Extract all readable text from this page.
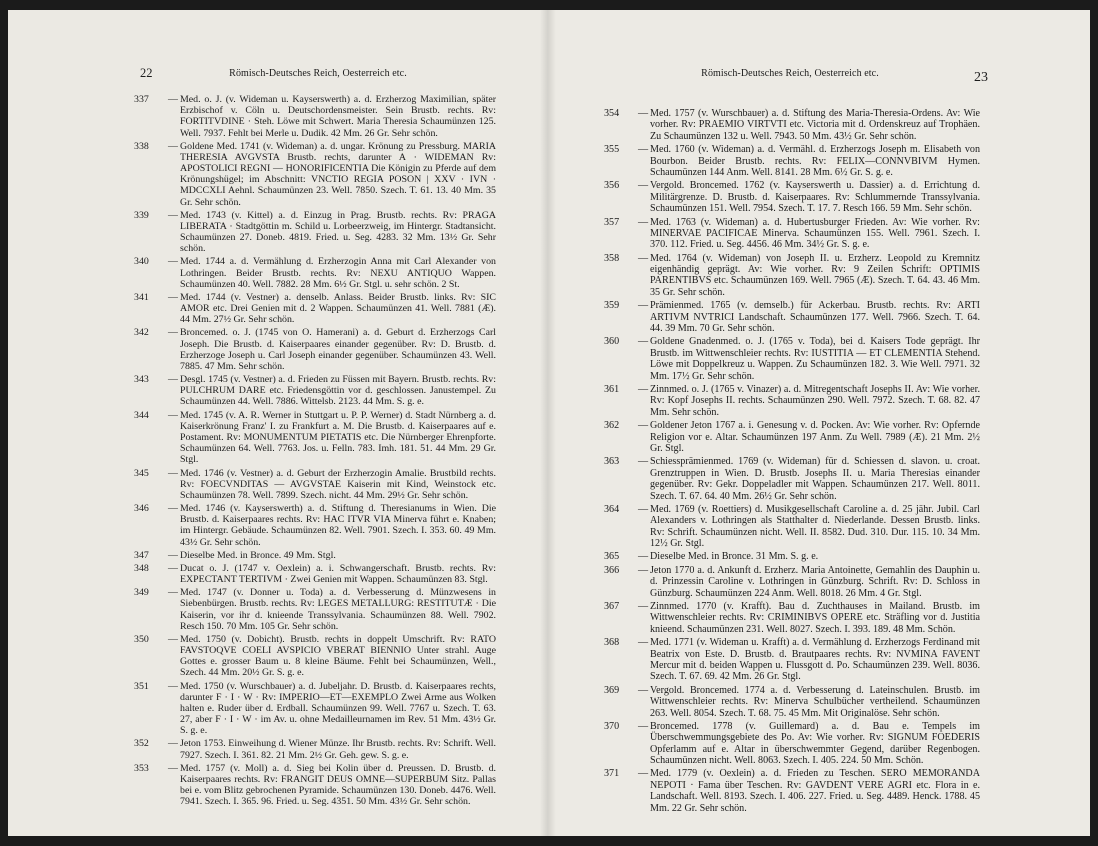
22	Römisch-Deutsches Reich, Oesterreich etc.
337	— Med. o. J. (v. Wideman u. Kayserswerth) a. d. Erzherzog Maximilian, später Erzbischof v. Cöln u. Deutschordensmeister. Sein Brustb. rechts. Rv: FORTITVDINE · Steh. Löwe mit Schwert. Maria Theresia Schaumünzen 125. Well. 7937. Fehlt bei Merle u. Dudik. 42 Mm. 26 Gr. Sehr schön.
338	— Goldene Med. 1741 (v. Wideman) a. d. ungar. Krönung zu Pressburg. MARIA THERESIA AVGVSTA Brustb. rechts, darunter A · WIDEMAN Rv: APOSTOLICI REGNI — HONORIFICENTIA Die Königin zu Pferde auf dem Krönungshügel; im Abschnitt: VNCTIO REGIA POSON | XXV · IVN · MDCCXLI Aehnl. Schaumünzen 23. Well. 7850. Szech. T. 61. 13. 40 Mm. 35 Gr. Sehr schön.
339	— Med. 1743 (v. Kittel) a. d. Einzug in Prag. Brustb. rechts. Rv: PRAGA LIBERATA · Stadtgöttin m. Schild u. Lorbeerzweig, im Hintergr. Stadtansicht. Schaumünzen 27. Doneb. 4819. Fried. u. Seg. 4283. 32 Mm. 13½ Gr. Sehr schön.
340	— Med. 1744 a. d. Vermählung d. Erzherzogin Anna mit Carl Alexander von Lothringen. Beider Brustb. rechts. Rv: NEXU ANTIQUO Wappen. Schaumünzen 40. Well. 7882. 28 Mm. 6½ Gr. Stgl. u. sehr schön. 2 St.
341	— Med. 1744 (v. Vestner) a. denselb. Anlass. Beider Brustb. links. Rv: SIC AMOR etc. Drei Genien mit d. 2 Wappen. Schaumünzen 41. Well. 7881 (Æ). 44 Mm. 27½ Gr. Sehr schön.
342	— Broncemed. o. J. (1745 von O. Hamerani) a. d. Geburt d. Erzherzogs Carl Joseph. Die Brustb. d. Kaiserpaares einander gegenüber. Rv: D. Brustb. d. Erzherzoge Joseph u. Carl Joseph einander gegenüber. Schaumünzen 43. Well. 7885. 47 Mm. Sehr schön.
343	— Desgl. 1745 (v. Vestner) a. d. Frieden zu Füssen mit Bayern. Brustb. rechts. Rv: PULCHRUM DARE etc. Friedensgöttin vor d. geschlossen. Janustempel. Zu Schaumünzen 44. Well. 7886. Wittelsb. 2123. 44 Mm. S. g. e.
344	— Med. 1745 (v. A. R. Werner in Stuttgart u. P. P. Werner) d. Stadt Nürnberg a. d. Kaiserkrönung Franz' I. zu Frankfurt a. M. Die Brustb. d. Kaiserpaares auf e. Postament. Rv: MONUMENTUM PIETATIS etc. Die Nürnberger Ehrenpforte. Schaumünzen 64. Well. 7763. Jos. u. Felln. 783. Imh. 181. 51. 44 Mm. 29 Gr. Stgl.
345	— Med. 1746 (v. Vestner) a. d. Geburt der Erzherzogin Amalie. Brustbild rechts. Rv: FOECVNDITAS — AVGVSTAE Kaiserin mit Kind, Weinstock etc. Schaumünzen 78. Well. 7899. Szech. nicht. 44 Mm. 29½ Gr. Sehr schön.
346	— Med. 1746 (v. Kayserswerth) a. d. Stiftung d. Theresianums in Wien. Die Brustb. d. Kaiserpaares rechts. Rv: HAC ITVR VIA Minerva führt e. Knaben; im Hintergr. Gebäude. Schaumünzen 82. Well. 7901. Szech. I. 353. 60. 49 Mm. 43½ Gr. Sehr schön.
347	— Dieselbe Med. in Bronce. 49 Mm. Stgl.
348	— Ducat o. J. (1747 v. Oexlein) a. i. Schwangerschaft. Brustb. rechts. Rv: EXPECTANT TERTIVM · Zwei Genien mit Wappen. Schaumünzen 83. Stgl.
349	— Med. 1747 (v. Donner u. Toda) a. d. Verbesserung d. Münzwesens in Siebenbürgen. Brustb. rechts. Rv: LEGES METALLURG: RESTITUTÆ · Die Kaiserin, vor ihr d. knieende Transsylvania. Schaumünzen 88. Well. 7902. Resch 150. 70 Mm. 105 Gr. Sehr schön.
350	— Med. 1750 (v. Dobicht). Brustb. rechts in doppelt Umschrift. Rv: RATO FAVSTOQVE COELI AVSPICIO VBERAT BIENNIO Unter strahl. Auge Gottes e. grosser Baum u. 8 kleine Bäume. Fehlt bei Schaumünzen, Well., Szech. 44 Mm. 20½ Gr. S. g. e.
351	— Med. 1750 (v. Wurschbauer) a. d. Jubeljahr. D. Brustb. d. Kaiserpaares rechts, darunter F · I · W · Rv: IMPERIO—ET—EXEMPLO Zwei Arme aus Wolken halten e. Ruder über d. Erdball. Schaumünzen 99. Well. 7767 u. Szech. T. 63. 27, aber F · I · W · im Av. u. ohne Medailleurnamen im Rev. 51 Mm. 43½ Gr. S. g. e.
352	— Jeton 1753. Einweihung d. Wiener Münze. Ihr Brustb. rechts. Rv: Schrift. Well. 7927. Szech. I. 361. 82. 21 Mm. 2½ Gr. Geh. gew. S. g. e.
353	— Med. 1757 (v. Moll) a. d. Sieg bei Kolin über d. Preussen. D. Brustb. d. Kaiserpaares rechts. Rv: FRANGIT DEUS OMNE—SUPERBUM Sitz. Pallas bei e. vom Blitz gebrochenen Pyramide. Schaumünzen 130. Doneb. 4476. Well. 7941. Szech. I. 365. 96. Fried. u. Seg. 4351. 50 Mm. 43½ Gr. Sehr schön.
Römisch-Deutsches Reich, Oesterreich etc.	23
354	— Med. 1757 (v. Wurschbauer) a. d. Stiftung des Maria-Theresia-Ordens. Av: Wie vorher. Rv: PRAEMIO VIRTVTI etc. Victoria mit d. Ordenskreuz auf Trophäen. Zu Schaumünzen 132 u. Well. 7943. 50 Mm. 43½ Gr. Sehr schön.
355	— Med. 1760 (v. Wideman) a. d. Vermähl. d. Erzherzogs Joseph m. Elisabeth von Bourbon. Beider Brustb. rechts. Rv: FELIX—CONNVBIVM Hymen. Schaumünzen 144 Anm. Well. 8141. 28 Mm. 6½ Gr. S. g. e.
356	— Vergold. Broncemed. 1762 (v. Kayserswerth u. Dassier) a. d. Errichtung d. Militärgrenze. D. Brustb. d. Kaiserpaares. Rv: Schlummernde Transsylvania. Schaumünzen 151. Well. 7954. Szech. T. 17. 7. Resch 166. 59 Mm. Sehr schön.
357	— Med. 1763 (v. Wideman) a. d. Hubertusburger Frieden. Av: Wie vorher. Rv: MINERVAE PACIFICAE Minerva. Schaumünzen 155. Well. 7961. Szech. I. 370. 112. Fried. u. Seg. 4456. 46 Mm. 34½ Gr. S. g. e.
358	— Med. 1764 (v. Wideman) von Joseph II. u. Erzherz. Leopold zu Kremnitz eigenhändig geprägt. Av: Wie vorher. Rv: 9 Zeilen Schrift: OPTIMIS PARENTIBVS etc. Schaumünzen 169. Well. 7965 (Æ). Szech. T. 64. 43. 46 Mm. 35 Gr. Sehr schön.
359	— Prämienmed. 1765 (v. demselb.) für Ackerbau. Brustb. rechts. Rv: ARTI ARTIVM NVTRICI Landschaft. Schaumünzen 177. Well. 7966. Szech. T. 64. 44. 39 Mm. 70 Gr. Sehr schön.
360	— Goldene Gnadenmed. o. J. (1765 v. Toda), bei d. Kaisers Tode geprägt. Ihr Brustb. im Wittwenschleier rechts. Rv: IUSTITIA — ET CLEMENTIA Stehend. Löwe mit Doppelkreuz u. Wappen. Zu Schaumünzen 182. 3. Wie Well. 7971. 32 Mm. 17½ Gr. Sehr schön.
361	— Zinnmed. o. J. (1765 v. Vinazer) a. d. Mitregentschaft Josephs II. Av: Wie vorher. Rv: Kopf Josephs II. rechts. Schaumünzen 290. Well. 7972. Szech. T. 68. 82. 47 Mm. Sehr schön.
362	— Goldener Jeton 1767 a. i. Genesung v. d. Pocken. Av: Wie vorher. Rv: Opfernde Religion vor e. Altar. Schaumünzen 197 Anm. Zu Well. 7989 (Æ). 21 Mm. 2½ Gr. Stgl.
363	— Schiessprämienmed. 1769 (v. Wideman) für d. Schiessen d. slavon. u. croat. Grenztruppen in Wien. D. Brustb. Josephs II. u. Maria Theresias einander gegenüber. Rv: Gekr. Doppeladler mit Wappen. Schaumünzen 217. Well. 8011. Szech. T. 67. 64. 40 Mm. 26½ Gr. Sehr schön.
364	— Med. 1769 (v. Roettiers) d. Musikgesellschaft Caroline a. d. 25 jähr. Jubil. Carl Alexanders v. Lothringen als Statthalter d. Niederlande. Dessen Brustb. links. Rv: Schrift. Schaumünzen nicht. Well. II. 8582. Dud. 310. Dur. 115. 10. 34 Mm. 12½ Gr. Stgl.
365	— Dieselbe Med. in Bronce. 31 Mm. S. g. e.
366	— Jeton 1770 a. d. Ankunft d. Erzherz. Maria Antoinette, Gemahlin des Dauphin u. d. Prinzessin Caroline v. Lothringen in Günzburg. Schrift. Rv: D. Schloss in Günzburg. Schaumünzen 224 Anm. Well. 8018. 26 Mm. 4 Gr. Stgl.
367	— Zinnmed. 1770 (v. Krafft). Bau d. Zuchthauses in Mailand. Brustb. im Wittwenschleier rechts. Rv: CRIMINIBVS OPERE etc. Sträfling vor d. Justitia knieend. Schaumünzen 231. Well. 8027. Szech. I. 393. 189. 48 Mm. Schön.
368	— Med. 1771 (v. Wideman u. Krafft) a. d. Vermählung d. Erzherzogs Ferdinand mit Beatrix von Este. D. Brustb. d. Brautpaares rechts. Rv: NVMINA FAVENT Mercur mit d. beiden Wappen u. Flussgott d. Po. Schaumünzen 239. Well. 8036. Szech. T. 67. 69. 42 Mm. 26 Gr. Stgl.
369	— Vergold. Broncemed. 1774 a. d. Verbesserung d. Lateinschulen. Brustb. im Wittwenschleier rechts. Rv: Minerva Schulbücher vertheilend. Schaumünzen 263. Well. 8054. Szech. T. 68. 75. 45 Mm. Mit Originalöse. Sehr schön.
370	— Broncemed. 1778 (v. Guillemard) a. d. Bau e. Tempels im Überschwemmungsgebiete des Po. Av: Wie vorher. Rv: SIGNUM FOEDERIS Opferlamm auf e. Altar in überschwemmter Gegend, darüber Regenbogen. Schaumünzen nicht. Well. 8063. Szech. I. 405. 224. 50 Mm. Schön.
371	— Med. 1779 (v. Oexlein) a. d. Frieden zu Teschen. SERO MEMORANDA NEPOTI · Fama über Teschen. Rv: GAVDENT VERE AGRI etc. Flora in e. Landschaft. Well. 8193. Szech. I. 406. 227. Fried. u. Seg. 4489. Henck. 1788. 45 Mm. 22 Gr. Sehr schön.
